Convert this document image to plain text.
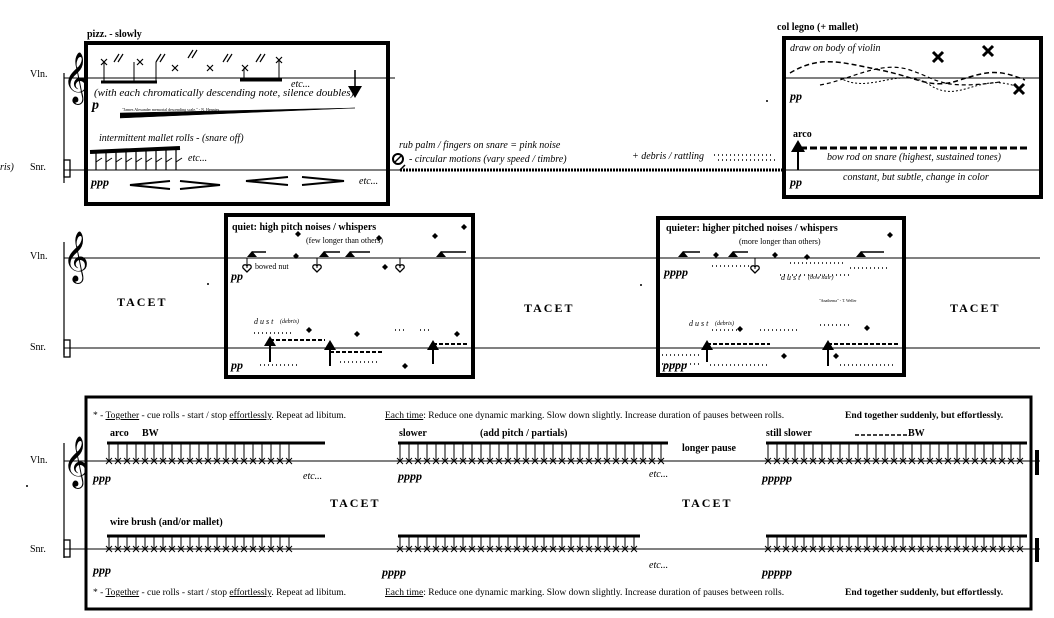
𝄞
𝄞
𝄞
Vln.
Snr.
ris)
Vln.
Snr.
Vln.
Snr.
pizz. - slowly
etc...
(with each chromatically descending note, silence doubles)
p	"James Alexander memorial descending scale." - N. Hennies
intermittent mallet rolls - (snare off)
etc...
etc...
ppp
rub palm / fingers on snare = pink noise
- circular motions (vary speed / timbre)	+ debris / rattling
col legno (+ mallet)
draw on body of violin
pp
arco
bow rod on snare (highest, sustained tones)
pp	constant, but subtle, change in color
TACET
quiet: high pitch noises / whispers
(few longer than others)
bowed nut
pp
d u s t (debris)
pp
TACET
quieter: higher pitched noises / whispers
(more longer than others)
pppp	d u s t (bow hair)
"Anathema" - T. Weller
d u s t (debris)
pppp
TACET
* - Together - cue rolls - start / stop effortlessly. Repeat ad libitum.	Each time: Reduce one dynamic marking. Slow down slightly. Increase duration of pauses between rolls.	End together suddenly, but effortlessly.
arco BW	slower	(add pitch / partials)
longer pause
still slower	BW
ppp	pppp	ppppp
etc...	etc...
etc...
TACET	TACET
wire brush (and/or mallet)
ppp	pppp	ppppp
* - Together - cue rolls - start / stop effortlessly. Repeat ad libitum.	Each time: Reduce one dynamic marking. Slow down slightly. Increase duration of pauses between rolls.	End together suddenly, but effortlessly.
